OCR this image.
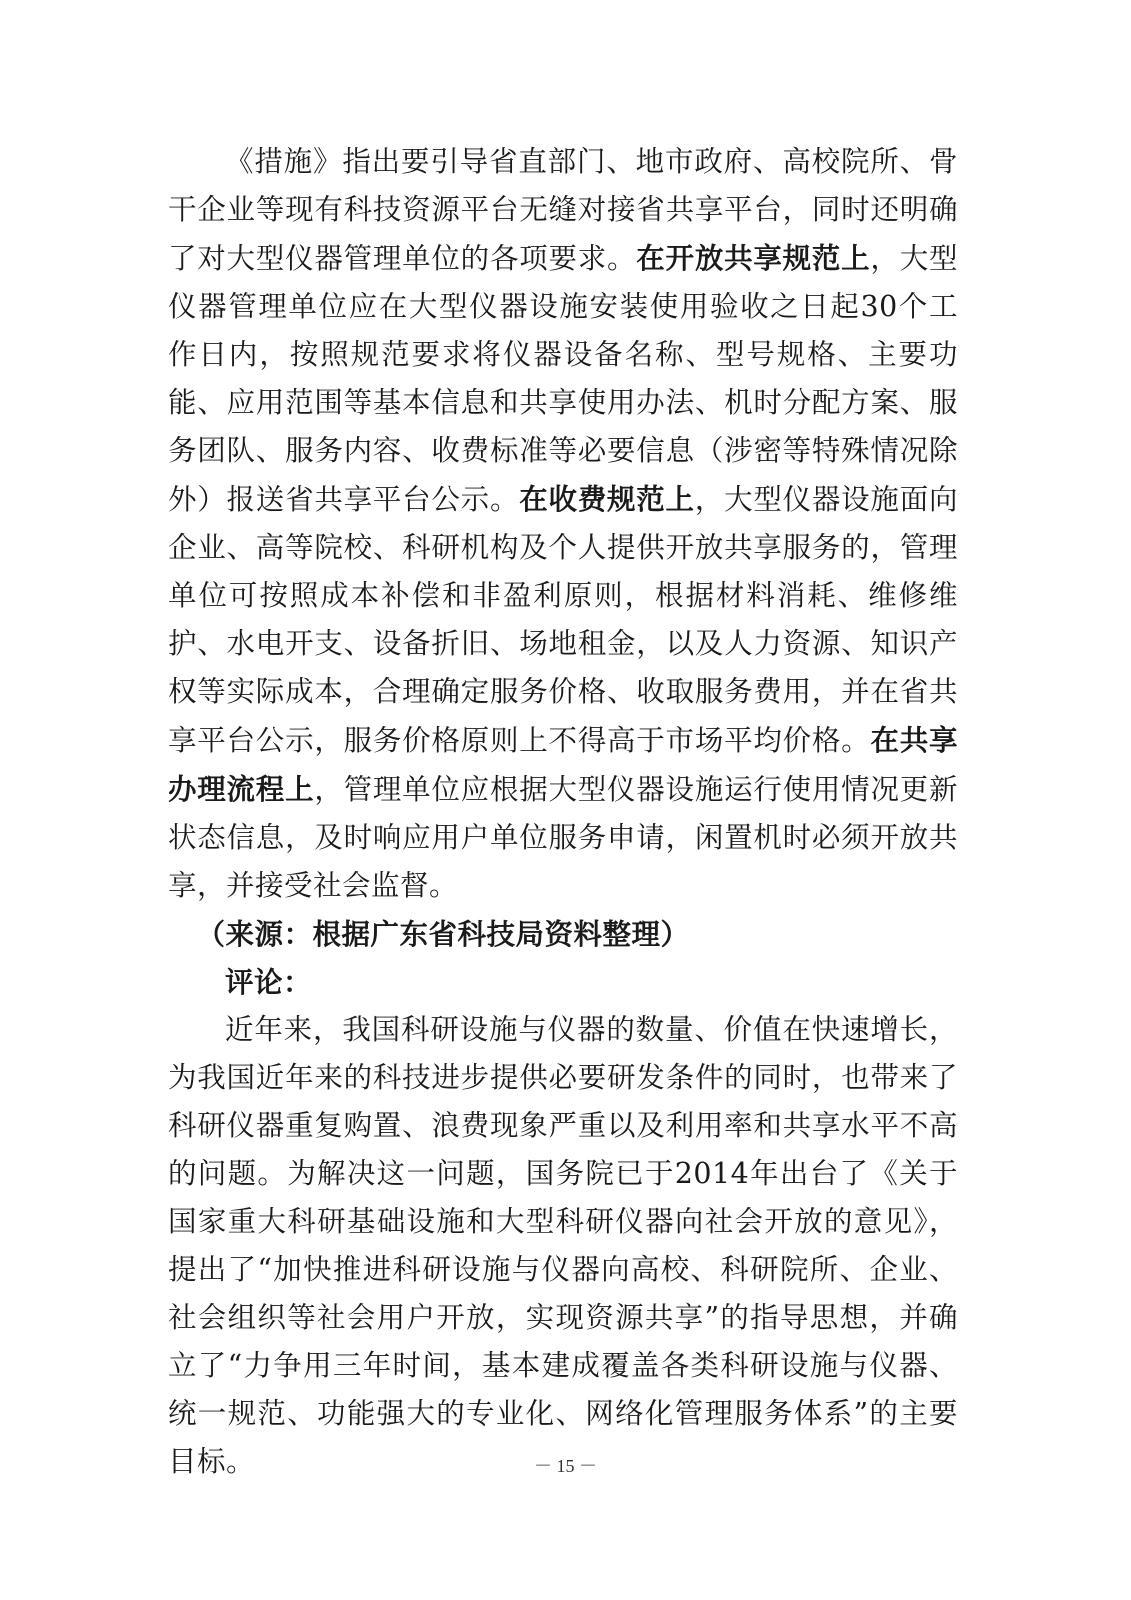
《措施》指出要引导省直部门、地市政府、高校院所、骨干企业等现有科技资源平台无缝对接省共享平台，同时还明确了对大型仪器管理单位的各项要求。在开放共享规范上，大型仪器管理单位应在大型仪器设施安装使用验收之日起30个工作日内，按照规范要求将仪器设备名称、型号规格、主要功能、应用范围等基本信息和共享使用办法、机时分配方案、服务团队、服务内容、收费标准等必要信息（涉密等特殊情况除外）报送省共享平台公示。在收费规范上，大型仪器设施面向企业、高等院校、科研机构及个人提供开放共享服务的，管理单位可按照成本补偿和非盈利原则，根据材料消耗、维修维护、水电开支、设备折旧、场地租金，以及人力资源、知识产权等实际成本，合理确定服务价格、收取服务费用，并在省共享平台公示，服务价格原则上不得高于市场平均价格。在共享办理流程上，管理单位应根据大型仪器设施运行使用情况更新状态信息，及时响应用户单位服务申请，闲置机时必须开放共享，并接受社会监督。

（来源：根据广东省科技局资料整理）

评论：

近年来，我国科研设施与仪器的数量、价值在快速增长，为我国近年来的科技进步提供必要研发条件的同时，也带来了科研仪器重复购置、浪费现象严重以及利用率和共享水平不高的问题。为解决这一问题，国务院已于2014年出台了《关于国家重大科研基础设施和大型科研仪器向社会开放的意见》，提出了“加快推进科研设施与仪器向高校、科研院所、企业、社会组织等社会用户开放，实现资源共享”的指导思想，并确立了“力争用三年时间，基本建成覆盖各类科研设施与仪器、统一规范、功能强大的专业化、网络化管理服务体系”的主要目标。	－ 15 －
